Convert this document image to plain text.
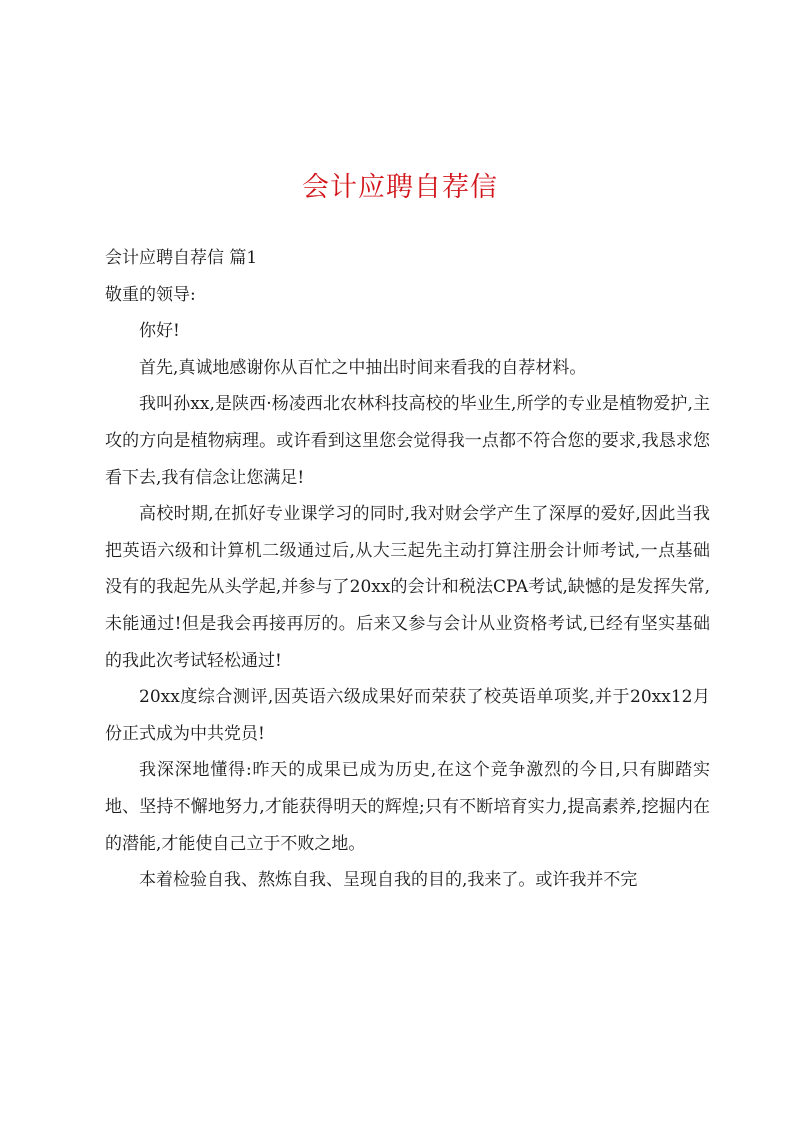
会计应聘自荐信

会计应聘自荐信 篇1

敬重的领导:

你好!

首先,真诚地感谢你从百忙之中抽出时间来看我的自荐材料。

我叫孙xx,是陕西·杨凌西北农林科技高校的毕业生,所学的专业是植物爱护,主攻的方向是植物病理。或许看到这里您会觉得我一点都不符合您的要求,我恳求您看下去,我有信念让您满足!

高校时期,在抓好专业课学习的同时,我对财会学产生了深厚的爱好,因此当我把英语六级和计算机二级通过后,从大三起先主动打算注册会计师考试,一点基础没有的我起先从头学起,并参与了20xx的会计和税法CPA考试,缺憾的是发挥失常,未能通过!但是我会再接再厉的。后来又参与会计从业资格考试,已经有坚实基础的我此次考试轻松通过!

20xx度综合测评,因英语六级成果好而荣获了校英语单项奖,并于20xx12月份正式成为中共党员!

我深深地懂得:昨天的成果已成为历史,在这个竞争激烈的今日,只有脚踏实地、坚持不懈地努力,才能获得明天的辉煌;只有不断培育实力,提高素养,挖掘内在的潜能,才能使自己立于不败之地。

本着检验自我、熬炼自我、呈现自我的目的,我来了。或许我并不完
